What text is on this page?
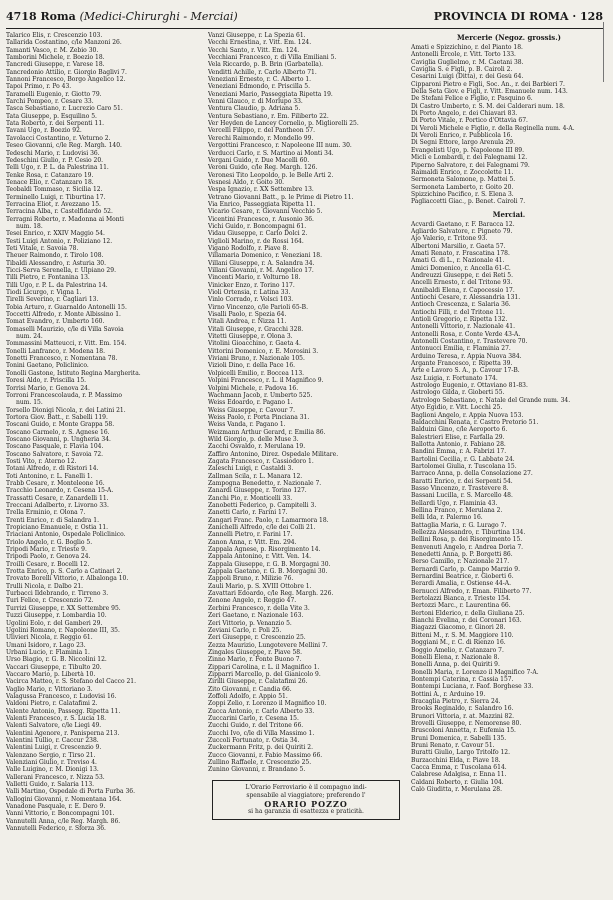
4718 Roma (Medici-Chirurghi - Merciai)	PROVINCIA DI ROMA · 128
Talarico Elis, r. Crescenzio 103.
Tallarida Costantino, c/le Manzoni 26.
Tamanti Vasco, r. M. Zebio 30.
Tamborini Michele, r. Boezio 18.
Tancredi Giuseppe, r. Varese 18.
Tancredonio Attilio, r. Giorgio Baglivi 7.
Tannoni Francesco, Borgo Angelico 12.
Tapoi Primo, r. Po 43.
Taramelli Eugenio, r. Giotto 79.
Tarchi Pompeo, r. Cesare 33.
Tasca Sebastiano, r. Lucrezio Caro 51.
Tata Giuseppe, p. Esquilino 5.
Tata Roberto, r. dei Serpenti 11.
Tavani Ugo, r. Boezio 92.
Tavolacci Costantino, r. Veturno 2.
Teseo Giovanni, c/le Reg. Margh. 140.
Tedeschi Mario, r. Ludovisi 36.
Tedeschini Giulio, r. P. Cesio 20.
Telli Ugo, r. P. L. da Palestrina 11.
Tenke Rosa, r. Catanzaro 19.
Tenace Elio, r. Catanzaro 18.
Teobaldi Tommaso, r. Sicilia 12.
Terminello Luigi, r. Tiburtina 17.
Terracina Eliot, r. Avezzano 15.
Terracina Alba, r. Castelfidardo 52.
Terragni Roberto, r. Madonna ai Monti
num. 18.
Tesei Enrico, r. XXIV Maggio 54.
Testi Luigi Antonio, r. Poliziano 12.
Teti Vitale, r. Savoia 78.
Theuer Raimondo, r. Tirolo 108.
Tibaldi Alessandro, r. Asturia 30.
Ticci-Serva Serenella, r. Ulpiano 29.
Tilli Pietro, r. Fontanina 13.
Tilli Ugo, r. P. L. da Palestrina 14.
Tiodi Licurgo, r. Vigna 1.
Tirelli Severino, r. Cagliari 13.
Tobia Arturo, r. Guarnaldo Antonelli 15.
Toccetti Alfredo, r. Monte Albissino 1.
Tomat Evandro, r. Umberto 160.
Tomaselli Maurizio, c/le di Villa Savoia
num. 24.
Tommassini Matteucci, r. Vitt. Em. 154.
Tonelli Lanfranco, r. Modena 18.
Tonetti Francesco, r. Nomentana 78.
Tonini Gaetano, Policlinico.
Tonolli Gastone, Istituto Regina Margherita.
Toresi Aldo, r. Priscilla 15.
Torrisi Mario, r. Genova 24.
Torroni Francescolauda, r. P. Massimo
num. 15.
Torsello Dionigi Nicola, r. dei Latini 21.
Tortora Giov. Batt., r. Sabelli 119.
Toscani Guido, r. Monte Grappa 58.
Toscano Carmelo, r. S. Agnese 16.
Toscano Giovanni, p. Ungheria 34.
Toscano Pasquale, r. Flavia 104.
Toscano Salvatore, r. Savoia 72.
Tosti Vito, r. Aterno 12.
Totani Alfredo, r. di Ristori 14.
Toti Antonino, r. L. Fanelli 1.
Trabb Cesare, r. Monteleone 16.
Tracchio Leonardo, r. Cesena 15-A.
Trassatti Cesare, r. Zanardelli 11.
Treccani Adalberto, r. Livorno 33.
Trella Erminio, r. Olona 7.
Trenti Enrico, r. di Salandra 1.
Tropiciano Emanuele, r. Ostia 11.
Triaciani Antonio, Ospedale Policlinico.
Triolo Angelo, r. G. Boglio 5.
Tripodi Mario, r. Trieste 9.
Tripodi Paolo, r. Genova 24.
Troilli Cesare, r. Bocelli 12.
Trotta Enrico, p. S. Carlo a Catinari 2.
Trovato Borelli Vittorio, r. Albalonga 10.
Trulli Nicola, r. Dalbo 21.
Turbacci Ildebrando, r. Tirreno 3.
Turi Felice, r. Crescenzio 72.
Turrizi Giuseppe, r. XX Settembre 95.
Tuzzi Giuseppe, r. Lombardia 10.
Ugolini Eolo, r. del Gamberi 29.
Ugolini Romano, r. Napoleone III, 35.
Ulivieri Nicola, r. Reggio 61.
Umani Isidoro, r. Lago 23.
Urbani Lucio, r. Flaminia 1.
Urso Biagio, r. G. B. Niccolini 12.
Vaccari Giuseppe, r. Tibulto 20.
Vaccaro Mario, p. Libertà 10.
Vacirca Matteo, r. S. Stefano del Cacco 21.
Vaglio Mario, r. Vittoriano 3.
Valagussa Francesco, r. Ludovisi 16.
Valdoni Pietro, r. Calatafimi 2.
Valente Antonio, Passegg. Ripetta 11.
Valenti Francesco, r. S. Lucia 18.
Valenti Salvatore, c/le Liegi 49.
Valentini Agenore, r. Panisperna 213.
Valentini Tullio, r. Caccur 238.
Valentini Luigi, r. Crescenzio 9.
Valenzano Sergio, r. Tirso 21.
Valenziani Giulio, r. Treviso 4.
Valle Luigino, r. M. Dionigi 13.
Vallerani Francesco, r. Nizza 53.
Valletti Guido, r. Salaria 113.
Valli Martino, Ospedale di Porta Furba 36.
Vallogini Giovanni, r. Nomentana 164.
Vanadone Pasquale, r. E. Dero 9.
Vanni Vittorio, r. Boncompagni 101.
Vannutelli Anna, c/le Reg. Margh. 86.
Vannutelli Federico, r. Sforza 36.
Vanzi Giuseppe, r. La Spezia 61.
Vecchi Ernestina, r. Vitt. Em. 124.
Vecchi Santo, r. Vitt. Em. 124.
Vecchiani Francesco, r. di Villa Emiliani 5.
Vela Riccardo, p. B. Brin (Garbatella).
Venditti Achille, r. Carlo Alberto 71.
Veneziani Ernesto, r. C. Alberto 1.
Veneziani Edmondo, r. Priscilla 5.
Veneziani Mario, Passeggiata Ripetta 19.
Venni Glauco, r. di Morlupo 33.
Ventura Claudio, p. Adriana 5.
Ventura Sebastiano, r. Em. Filiberto 22.
Ver Heyden de Lancey Cornelio, p. Migliorelli 25.
Vercelli Filippo, r. del Pantheon 57.
Verechi Raimondo, r. Mondello 99.
Vergottini Francesco, r. Napoleone III num. 30.
Verducci Carlo, r. S. Martino ai Monti 34.
Vergani Guido, r. Due Macelli 60.
Veroni Guido, c/le Reg. Margh. 126.
Veronesi Tito Leopoldo, p. le Belle Arti 2.
Vesnesi Aldo, r. Goito 30.
Vespa Ignazio, r. XX Settembre 13.
Vetrano Giovanni Batt., p. le Prime di Pietro 11.
Via Enrico, Passeggiata Ripetta 11.
Vicario Cesare, r. Giovanni Vecchio 5.
Vicentini Francesco, r. Ausonio 36.
Vichi Guido, r. Boncompagni 61.
Vidau Giuseppe, r. Carlo Dolci 2.
Viglioli Marino, r. de Rossi 164.
Viganò Rodolfo, r. Piave 8.
Villamaria Domenico, r. Veneziani 18.
Villani Giuseppe, r. A. Salandra 34.
Villani Giovanni, r. M. Angelico 17.
Vincenti Mario, r. Volturno 18.
Vinicker Enzo, r. Torino 117.
Violi Ortensia, r. Latina 33.
Vinlo Corrado, r. Volsci 103.
Virno Vincenzo, c/le Parioli 65-B.
Visalli Paolo, r. Spezia 64.
Vitali Andrea, r. Nizza 11.
Vitali Giuseppe, r. Gracchi 328.
Vitetti Giuseppe, r. Olona 3.
Vitolini Gioacchino, r. Gaeta 4.
Vittorini Domenico, r. E. Morosini 3.
Viviani Bruno, r. Nazionale 105.
Vizioli Dino, r. della Pace 16.
Volpicelli Emilio, r. Boccea 113.
Volpini Francesco, r. L. il Magnifico 9.
Volpini Michele, r. Padova 16.
Wachmann Jacob, r. Umberto 525.
Weiss Edoardo, r. Pagano 1.
Weiss Giuseppe, r. Cavour 7.
Weiss Paolo, r. Porta Pinciana 31.
Weiss Vanda, r. Pagano 1.
Weizmann Arthur Gerard, r. Emilia 86.
Wild Giorgio, p. delle Muse 3.
Zacchi Osvaldo, r. Merulana 19.
Zaffiro Antonino, Direz. Ospedale Militare.
Zagata Francesco, r. Cassiodoro 1.
Zaleschi Luigi, r. Castaldi 3.
Zallman Scila, r. L. Manara 12.
Zampogna Benedetto, r. Nazionale 7.
Zanardi Giuseppe, r. Torino 127.
Zanchi Pio, r. Monticelli 33.
Zanobetti Federico, p. Campitelli 3.
Zanetti Carlo, r. Farini 17.
Zangari Franc. Paolo, r. Lamarmora 18.
Zanichelli Alfredo, c/le dei Colli 21.
Zannelli Pietro, r. Farini 17.
Zanon Anna, r. Vitt. Em. 294.
Zappala Agnese, p. Risorgimento 14.
Zappala Antonino, r. Vitt. Ven. 14.
Zappala Giuseppe, r. G. B. Morgagni 30.
Zappala Gaetano, r. G. B. Morgagni 30.
Zappoli Bruno, r. Milizie 76.
Zauli Mario, p. S. XVIII Ottobre 1.
Zavattari Edoardo, c/le Reg. Margh. 226.
Zenone Angelo, r. Reggio 47.
Zerbini Francesco, r. della Vite 3.
Zeri Gaetano, r. Nazionale 163.
Zeri Vittorio, p. Venanzio 5.
Zeviani Carlo, r. Poli 25.
Zeri Giuseppe, r. Crescenzio 25.
Zezza Maurizio, Lungotevere Mellini 7.
Zingales Giuseppe, r. Piave 58.
Zinno Mario, r. Fonte Buono 7.
Zippari Carolina, r. L. il Magnifico 1.
Zipparri Marcello, p. del Gianicolo 9.
Zirilli Giuseppe, r. Calatafimi 26.
Zito Giovanni, r. Candia 66.
Zoffoli Adolfo, r. Appio 51.
Zoppi Zelio, r. Lorenzo il Magnifico 10.
Zucca Antonio, r. Carlo Alberto 33.
Zuccarini Carlo, r. Cesena 15.
Zucchi Guido, r. del Tritone 66.
Zucchi Ivo, c/le di Villa Massimo 1.
Zuccoli Fortunato, r. Ostia 34.
Zuckermann Fritz, p. dei Quiriti 2.
Zucco Giovanni, r. Fabio Massimo 66.
Zullino Raffaele, r. Crescenzio 25.
Zunino Giovanni, r. Brandano 5.
L'Orario Ferroviario è il compagno indi-
spensabile al viaggiatore; preferendo l'
ORARIO POZZO
si ha garanzia di esattezza e praticità.
Mercerie (Negoz. grossis.)
Amati e Spizzichino, r. del Pianto 18.
Antonelli Ercole, r. Vitt. Torto 133.
Caviglia Guglielmo, r. M. Caetani 38.
Caviglia S. e Figli, p. B. Cairoli 2.
Cesarini Luigi (Ditta), r. dei Gesù 64.
Cipparoni Pietro e Figli, Soc. An., r. dei Barbieri 7.
Della Seta Giov. e Figli, r. Vitt. Emanuele num. 143.
De Stefani Felice e Figlio, r. Pasquino 6.
Di Castro Umberto, r. S. M. dei Calderari num. 18.
Di Porto Angelo, r. dei Chiavari 83.
Di Porto Vitale, r. Portico d'Ottavia 67.
Di Veroli Michele e Figlio, r. della Reginella num. 4-A.
Di Veroli Enrico, r. Pubblicola 16.
Di Segni Ettore, largo Arenula 29.
Evangelisti Ugo, p. Napoleone III 89.
Micli e Lombardi, r. dei Falegnami 12.
Piperno Salvatore, r. dei Falegnami 79.
Raimaldi Enrico, r. Zoccolette 11.
Sermoneta Salomone, p. Mattei 5.
Sermoneta Lamberto, r. Goito 20.
Spizzichino Pacifico, r. S. Elena 3.
Pagliaccetti Giac., p. Benet. Cairoli 7.
Merciai.
Acvardi Gaetano, r. F. Baracca 12.
Agliardo Salvatore, r. Pigneto 79.
Ajo Valerio, r. Tritone 93.
Albertoni Marsilio, r. Gaeta 57.
Amati Renato, r. Frascatina 178.
Amati G. di L., r. Nazionale 41.
Amici Domenico, r. Ancella 61-C.
Andreuzzi Giuseppe, r. dei Reti 5.
Ancelli Ernesto, r. del Tritone 93.
Annibaldi Elena, r. Capocessio 17.
Antiochi Cesare, r. Alessandria 131.
Antioch Crescenza, r. Salaria 36.
Antiochi Filli, r. del Tritone 11.
Antioli Gregorio, r. Ripetta 132.
Antonelli Vittorio, r. Nazionale 41.
Antonelli Rosa, r. Conte Verde 43-A.
Antonelli Costantino, r. Trastevere 70.
Antonucci Emilia, r. Flaminia 27.
Arduino Teresa, r. Appia Nuova 384.
Argante Francesco, r. Ripetta 39.
Arte e Lavoro S. A., p. Cavour 17-B.
Asz Luigia, r. Fortunato 174.
Astrologo Eugenio, r. Ottaviano 81-83.
Astrologo Gilda, r. Gioberti 55.
Astrologo Sebastiano, r. Natale del Grande num. 34.
Atyo Egidio, r. Vitt. Locchi 25.
Baglioni Angelo, r. Appia Nuova 153.
Baldacchini Renata, r. Castro Pretorio 51.
Balduini Gino, c/le Aeroporto 6.
Balestrieri Elise, r. Farfalla 29.
Ballotta Antonio, r. Fabiano 28.
Bandini Emma, r. A. Fabrizi 17.
Bartolini Cecilia, r. G. Labbate 24.
Bartolomei Giulia, r. Tuscolana 15.
Barraco Anna, p. della Consolazione 27.
Baratti Enrico, r. dei Serpenti 54.
Basso Vincenzo, r. Trastevere 8.
Bassani Lucilla, r. S. Marcello 48.
Bellardi Ugo, r. Flaminia 43.
Bellina Franco, r. Merulana 2.
Belli Ida, r. Palermo 16.
Battaglia Maria, r. G. Lurago 7.
Bellezza Alessandro, r. Tiburtina 134.
Bellini Rosa, p. dei Risorgimento 15.
Benvenuti Angelo, r. Andrea Doria 7.
Benedetti Anna, p. P. Borgetti 86.
Berso Camillo, r. Nazionale 217.
Bernardi Carlo, p. Campo Marzio 9.
Bernardini Beatrice, r. Gioberti 6.
Berardi Amalia, r. Ostiense 44-A.
Bernucci Alfredo, r. Eman. Filiberto 77.
Bertolazzi Bianca, r. Trieste 154.
Bertozzi Marc., r. Laurentina 66.
Bertoni Elderico, r. della Giuliana 25.
Bianchi Evelina, r. dei Coronari 163.
Biagazzi Giacomo, r. Ginori 28.
Bitteni M., r. S. M. Maggiore 110.
Boggiani M., r. C. di Rienzo 16.
Boggio Amelio, r. Catanzaro 7.
Bonelli Elena, r. Nazionale 8.
Bonelli Anna, p. dei Quiriti 9.
Bonelli Maria, r. Lorenzo il Magnifico 7-A.
Bontempi Caterina, r. Cassia 157.
Bontempi Luciana, r. Faof. Borghese 33.
Bottini A., r. Arduino 19.
Bracaglia Pietro, r. Sierra 24.
Brooks Reginaldo, r. Salandro 16.
Brunori Vittoria, r. at. Mazzini 82.
Brovelli Giuseppe, r. Nemorense 80.
Bruscoloni Annetta, r. Eufemia 15.
Bruni Domenica, r. Sabelli 135.
Bruni Renato, r. Cavour 51.
Buratti Giulio, Largo Tritolfo 12.
Burzacchini Elda, r. Piave 18.
Cacca Emma, r. Tuscolana 614.
Calabrese Adalgisa, r. Enna 11.
Caldani Roberto, r. Giulia 104.
Calò Giuditta, r. Merulana 28.
